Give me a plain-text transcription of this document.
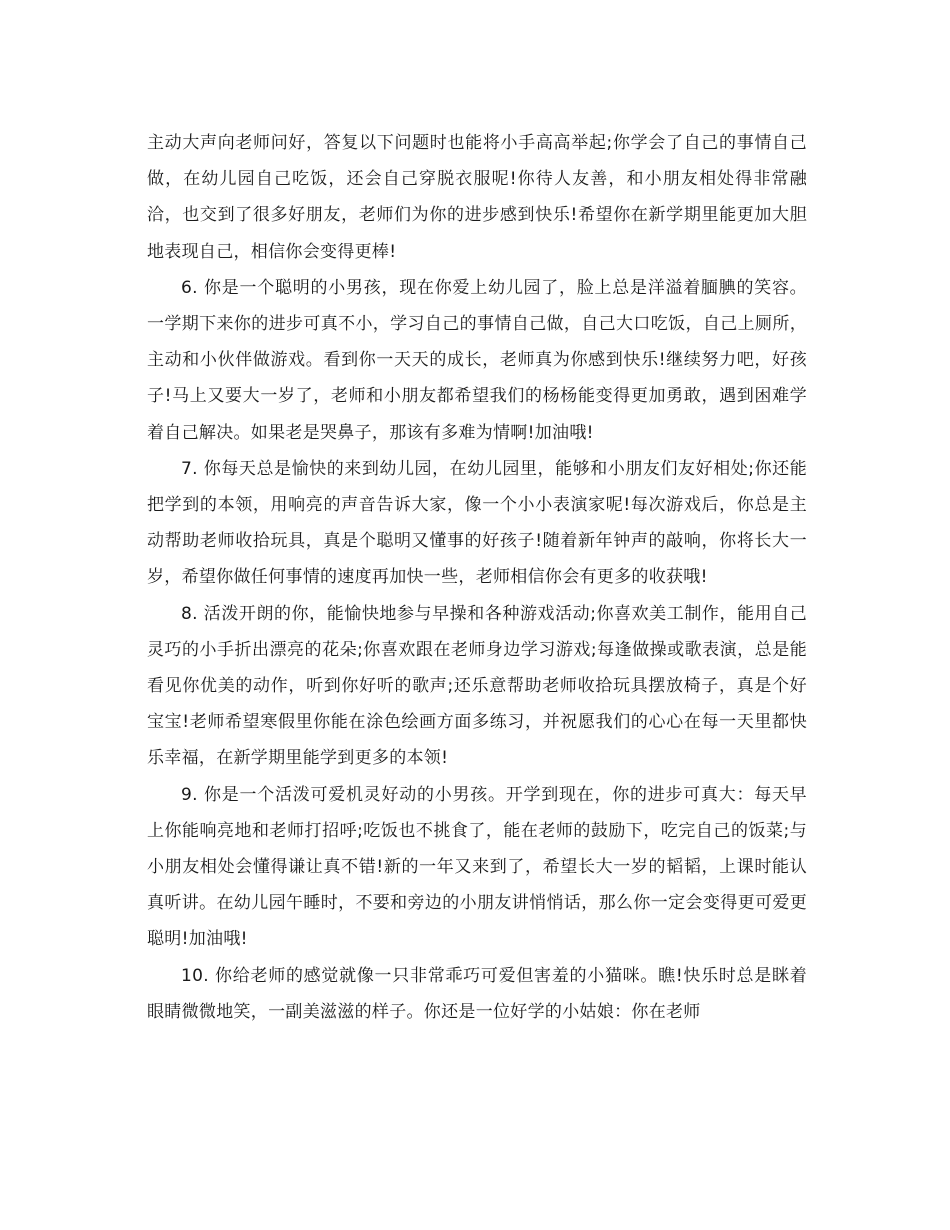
主动大声向老师问好，答复以下问题时也能将小手高高举起;你学会了自己的事情自己做，在幼儿园自己吃饭，还会自己穿脱衣服呢!你待人友善，和小朋友相处得非常融洽，也交到了很多好朋友，老师们为你的进步感到快乐!希望你在新学期里能更加大胆地表现自己，相信你会变得更棒!

6. 你是一个聪明的小男孩，现在你爱上幼儿园了，脸上总是洋溢着腼腆的笑容。一学期下来你的进步可真不小，学习自己的事情自己做，自己大口吃饭，自己上厕所，主动和小伙伴做游戏。看到你一天天的成长，老师真为你感到快乐!继续努力吧，好孩子!马上又要大一岁了，老师和小朋友都希望我们的杨杨能变得更加勇敢，遇到困难学着自己解决。如果老是哭鼻子，那该有多难为情啊!加油哦!

7. 你每天总是愉快的来到幼儿园，在幼儿园里，能够和小朋友们友好相处;你还能把学到的本领，用响亮的声音告诉大家，像一个小小表演家呢!每次游戏后，你总是主动帮助老师收拾玩具，真是个聪明又懂事的好孩子!随着新年钟声的敲响，你将长大一岁，希望你做任何事情的速度再加快一些，老师相信你会有更多的收获哦!

8. 活泼开朗的你，能愉快地参与早操和各种游戏活动;你喜欢美工制作，能用自己灵巧的小手折出漂亮的花朵;你喜欢跟在老师身边学习游戏;每逢做操或歌表演，总是能看见你优美的动作，听到你好听的歌声;还乐意帮助老师收拾玩具摆放椅子，真是个好宝宝!老师希望寒假里你能在涂色绘画方面多练习，并祝愿我们的心心在每一天里都快乐幸福，在新学期里能学到更多的本领!

9. 你是一个活泼可爱机灵好动的小男孩。开学到现在，你的进步可真大：每天早上你能响亮地和老师打招呼;吃饭也不挑食了，能在老师的鼓励下，吃完自己的饭菜;与小朋友相处会懂得谦让真不错!新的一年又来到了，希望长大一岁的韬韬，上课时能认真听讲。在幼儿园午睡时，不要和旁边的小朋友讲悄悄话，那么你一定会变得更可爱更聪明!加油哦!

10. 你给老师的感觉就像一只非常乖巧可爱但害羞的小猫咪。瞧!快乐时总是眯着眼睛微微地笑，一副美滋滋的样子。你还是一位好学的小姑娘：你在老师
